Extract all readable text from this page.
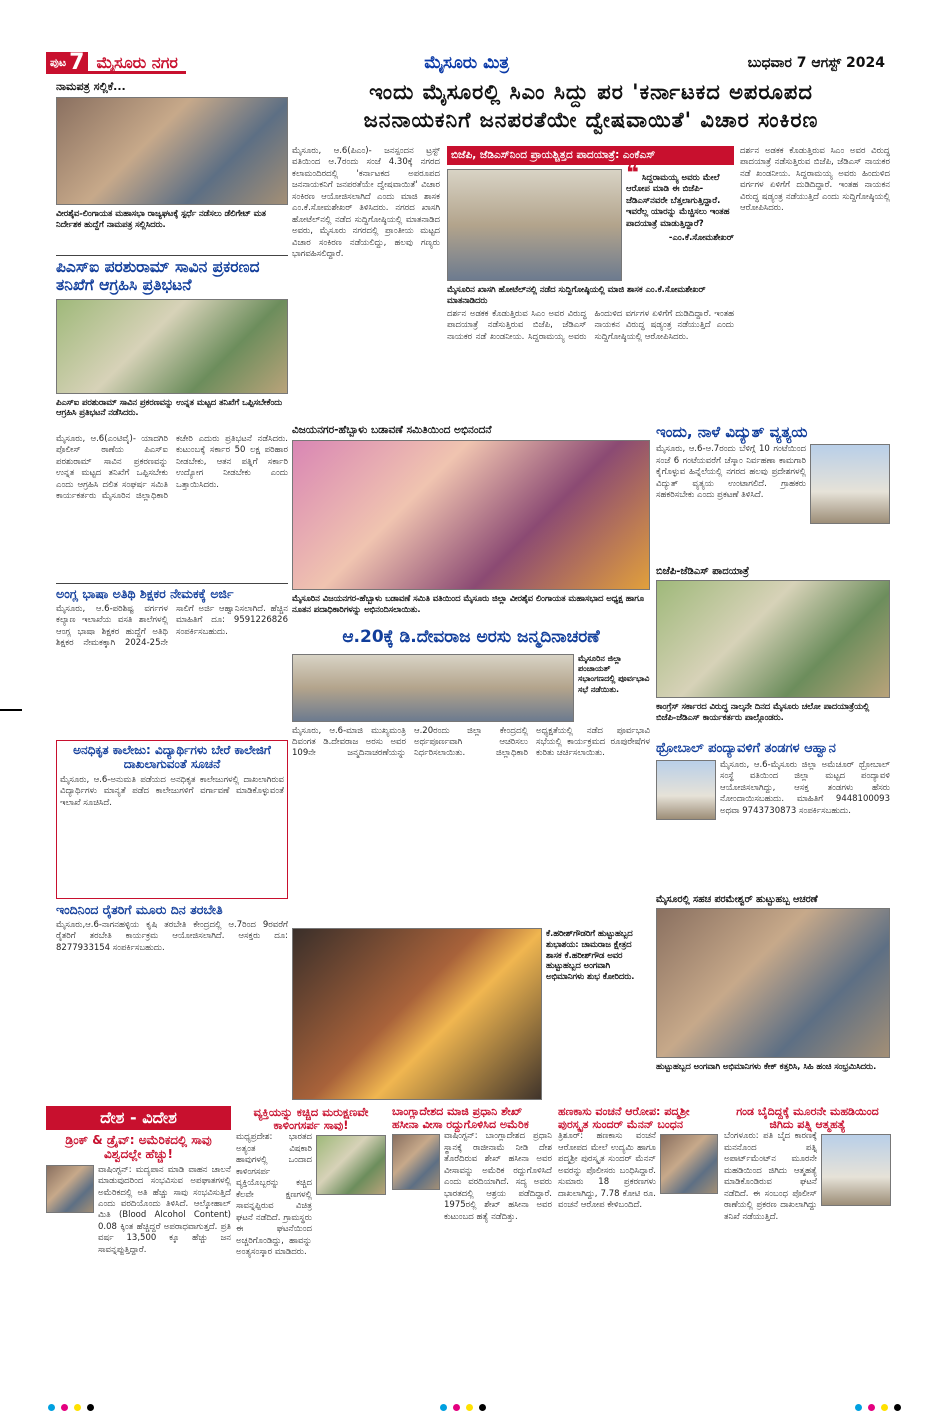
ಪುಟ 7 ಮೈಸೂರು ನಗರ	ಮೈಸೂರು ಮಿತ್ರ	ಬುಧವಾರ 7 ಆಗಸ್ಟ್ 2024
ನಾಮಪತ್ರ ಸಲ್ಲಿಕೆ...
ವೀರಶೈವ-ಲಿಂಗಾಯತ ಮಹಾಸಭಾ ರಾಜ್ಯಘಟಕ್ಕೆ ಸ್ಪರ್ಧೆ ನಡೆಸಲು ಡೆಲಿಗೇಟ್ ಮತ ನಿರ್ದೇಶಕ ಹುದ್ದೆಗೆ ನಾಮಪತ್ರ ಸಲ್ಲಿಸಿದರು.
ಪಿಎಸ್‌ಐ ಪರಶುರಾಮ್ ಸಾವಿನ ಪ್ರಕರಣದ ತನಿಖೆಗೆ ಆಗ್ರಹಿಸಿ ಪ್ರತಿಭಟನೆ
ಪಿಎಸ್‌ಐ ಪರಶುರಾಮ್ ಸಾವಿನ ಪ್ರಕರಣವನ್ನು ಉನ್ನತ ಮಟ್ಟದ ತನಿಖೆಗೆ ಒಪ್ಪಿಸಬೇಕೆಂದು ಆಗ್ರಹಿಸಿ ಪ್ರತಿಭಟನೆ ನಡೆಸಿದರು.
ಮೈಸೂರು, ಆ.6(ಎಂಟಿವೈ)- ಯಾದಗಿರಿ ಪೊಲೀಸ್ ಠಾಣೆಯ ಪಿಎಸ್‌ಐ ಪರಶುರಾಮ್ ಸಾವಿನ ಪ್ರಕರಣವನ್ನು ಉನ್ನತ ಮಟ್ಟದ ತನಿಖೆಗೆ ಒಪ್ಪಿಸಬೇಕು ಎಂದು ಆಗ್ರಹಿಸಿ ದಲಿತ ಸಂಘರ್ಷ ಸಮಿತಿ ಕಾರ್ಯಕರ್ತರು ಮೈಸೂರಿನ ಜಿಲ್ಲಾಧಿಕಾರಿ ಕಚೇರಿ ಎದುರು ಪ್ರತಿಭಟನೆ ನಡೆಸಿದರು. ಕುಟುಂಬಕ್ಕೆ ಸರ್ಕಾರ 50 ಲಕ್ಷ ಪರಿಹಾರ ನೀಡಬೇಕು, ಆತನ ಪತ್ನಿಗೆ ಸರ್ಕಾರಿ ಉದ್ಯೋಗ ನೀಡಬೇಕು ಎಂದು ಒತ್ತಾಯಿಸಿದರು.
ಅಂಗ್ಲ ಭಾಷಾ ಅತಿಥಿ ಶಿಕ್ಷಕರ ನೇಮಕಕ್ಕೆ ಅರ್ಜಿ
ಮೈಸೂರು, ಆ.6-ಪರಿಶಿಷ್ಟ ವರ್ಗಗಳ ಕಲ್ಯಾಣ ಇಲಾಖೆಯ ವಸತಿ ಶಾಲೆಗಳಲ್ಲಿ ಆಂಗ್ಲ ಭಾಷಾ ಶಿಕ್ಷಕರ ಹುದ್ದೆಗೆ ಅತಿಥಿ ಶಿಕ್ಷಕರ ನೇಮಕಕ್ಕಾಗಿ 2024-25ನೇ ಸಾಲಿಗೆ ಅರ್ಜಿ ಆಹ್ವಾನಿಸಲಾಗಿದೆ. ಹೆಚ್ಚಿನ ಮಾಹಿತಿಗೆ ದೂ: 9591226826 ಸಂಪರ್ಕಿಸಬಹುದು.
ಅನಧಿಕೃತ ಕಾಲೇಜು: ವಿದ್ಯಾರ್ಥಿಗಳು ಬೇರೆ ಕಾಲೇಜಿಗೆ ದಾಖಲಾಗುವಂತೆ ಸೂಚನೆ
ಮೈಸೂರು, ಆ.6-ಅನುಮತಿ ಪಡೆಯದ ಅನಧಿಕೃತ ಕಾಲೇಜುಗಳಲ್ಲಿ ದಾಖಲಾಗಿರುವ ವಿದ್ಯಾರ್ಥಿಗಳು ಮಾನ್ಯತೆ ಪಡೆದ ಕಾಲೇಜುಗಳಿಗೆ ವರ್ಗಾವಣೆ ಮಾಡಿಕೊಳ್ಳುವಂತೆ ಇಲಾಖೆ ಸೂಚಿಸಿದೆ.
ಇಂದಿನಿಂದ ರೈತರಿಗೆ ಮೂರು ದಿನ ತರಬೇತಿ
ಮೈಸೂರು,ಆ.6-ನಾಗನಹಳ್ಳಿಯ ಕೃಷಿ ತರಬೇತಿ ಕೇಂದ್ರದಲ್ಲಿ ಆ.7ರಿಂದ 9ರವರೆಗೆ ರೈತರಿಗೆ ತರಬೇತಿ ಕಾರ್ಯಕ್ರಮ ಆಯೋಜಿಸಲಾಗಿದೆ. ಆಸಕ್ತರು ದೂ: 8277933154 ಸಂಪರ್ಕಿಸಬಹುದು.
ಇಂದು ಮೈಸೂರಲ್ಲಿ ಸಿಎಂ ಸಿದ್ದು ಪರ 'ಕರ್ನಾಟಕದ ಅಪರೂಪದ
ಜನನಾಯಕನಿಗೆ ಜನಪರತೆಯೇ ದ್ವೇಷವಾಯಿತೆ' ವಿಚಾರ ಸಂಕಿರಣ
ಮೈಸೂರು, ಆ.6(ಪಿಎಂ)- ಜನಸ್ಪಂದನ ಟ್ರಸ್ಟ್ ವತಿಯಿಂದ ಆ.7ರಂದು ಸಂಜೆ 4.30ಕ್ಕೆ ನಗರದ ಕಲಾಮಂದಿರದಲ್ಲಿ 'ಕರ್ನಾಟಕದ ಅಪರೂಪದ ಜನನಾಯಕನಿಗೆ ಜನಪರತೆಯೇ ದ್ವೇಷವಾಯಿತೆ' ವಿಚಾರ ಸಂಕಿರಣ ಆಯೋಜಿಸಲಾಗಿದೆ ಎಂದು ಮಾಜಿ ಶಾಸಕ ಎಂ.ಕೆ.ಸೋಮಶೇಖರ್ ತಿಳಿಸಿದರು. ನಗರದ ಖಾಸಗಿ ಹೋಟೆಲ್‌ನಲ್ಲಿ ನಡೆದ ಸುದ್ದಿಗೋಷ್ಠಿಯಲ್ಲಿ ಮಾತನಾಡಿದ ಅವರು, ಮೈಸೂರು ನಗರದಲ್ಲಿ ಪ್ರಾಂತೀಯ ಮಟ್ಟದ ವಿಚಾರ ಸಂಕಿರಣ ನಡೆಯಲಿದ್ದು, ಹಲವು ಗಣ್ಯರು ಭಾಗವಹಿಸಲಿದ್ದಾರೆ.
ಬಿಜೆಪಿ, ಜೆಡಿಎಸ್‌ನಿಂದ ಪ್ರಾಯಶ್ಚಿತ್ತದ ಪಾದಯಾತ್ರೆ: ಎಂಕೆಎಸ್
❝ ಸಿದ್ದರಾಮಯ್ಯ ಅವರು ಮೇಲೆ ಆರೋಪ ಮಾಡಿ ಈ ಬಿಜೆಪಿ-ಜೆಡಿಎಸ್‌ನವರೇ ಬೆತ್ತಲಾಗುತ್ತಿದ್ದಾರೆ. ಇವರೆಲ್ಲ ಯಾರನ್ನು ಮೆಚ್ಚಿಸಲು ಇಂತಹ ಪಾದಯಾತ್ರೆ ಮಾಡುತ್ತಿದ್ದಾರೆ?
-ಎಂ.ಕೆ.ಸೋಮಶೇಖರ್
ಮೈಸೂರಿನ ಖಾಸಗಿ ಹೋಟೆಲ್‌ನಲ್ಲಿ ನಡೆದ ಸುದ್ದಿಗೋಷ್ಠಿಯಲ್ಲಿ ಮಾಜಿ ಶಾಸಕ ಎಂ.ಕೆ.ಸೋಮಶೇಖರ್ ಮಾತನಾಡಿದರು
ದರ್ಶನ ಅಡಕಕ ಕೊಡುತ್ತಿರುವ ಸಿಎಂ ಅವರ ವಿರುದ್ಧ ಪಾದಯಾತ್ರೆ ನಡೆಸುತ್ತಿರುವ ಬಿಜೆಪಿ, ಜೆಡಿಎಸ್ ನಾಯಕರ ನಡೆ ಖಂಡನೀಯ. ಸಿದ್ದರಾಮಯ್ಯ ಅವರು ಹಿಂದುಳಿದ ವರ್ಗಗಳ ಏಳಿಗೆಗೆ ದುಡಿದಿದ್ದಾರೆ. ಇಂತಹ ನಾಯಕನ ವಿರುದ್ಧ ಷಡ್ಯಂತ್ರ ನಡೆಯುತ್ತಿದೆ ಎಂದು ಸುದ್ದಿಗೋಷ್ಠಿಯಲ್ಲಿ ಆರೋಪಿಸಿದರು.
ದರ್ಶನ ಅಡಕಕ ಕೊಡುತ್ತಿರುವ ಸಿಎಂ ಅವರ ವಿರುದ್ಧ ಪಾದಯಾತ್ರೆ ನಡೆಸುತ್ತಿರುವ ಬಿಜೆಪಿ, ಜೆಡಿಎಸ್ ನಾಯಕರ ನಡೆ ಖಂಡನೀಯ. ಸಿದ್ದರಾಮಯ್ಯ ಅವರು ಹಿಂದುಳಿದ ವರ್ಗಗಳ ಏಳಿಗೆಗೆ ದುಡಿದಿದ್ದಾರೆ. ಇಂತಹ ನಾಯಕನ ವಿರುದ್ಧ ಷಡ್ಯಂತ್ರ ನಡೆಯುತ್ತಿದೆ ಎಂದು ಸುದ್ದಿಗೋಷ್ಠಿಯಲ್ಲಿ ಆರೋಪಿಸಿದರು.
ವಿಜಯನಗರ-ಹೆಬ್ಬಾಳು ಬಡಾವಣೆ ಸಮಿತಿಯಿಂದ ಅಭಿನಂದನೆ
ಮೈಸೂರಿನ ವಿಜಯನಗರ-ಹೆಬ್ಬಾಳು ಬಡಾವಣೆ ಸಮಿತಿ ವತಿಯಿಂದ ಮೈಸೂರು ಜಿಲ್ಲಾ ವೀರಶೈವ ಲಿಂಗಾಯತ ಮಹಾಸಭಾದ ಅಧ್ಯಕ್ಷ ಹಾಗೂ ನೂತನ ಪದಾಧಿಕಾರಿಗಳನ್ನು ಅಭಿನಂದಿಸಲಾಯಿತು.
ಆ.20ಕ್ಕೆ ಡಿ.ದೇವರಾಜ ಅರಸು ಜನ್ಮದಿನಾಚರಣೆ
ಮೈಸೂರಿನ ಜಿಲ್ಲಾ ಪಂಚಾಯತ್ ಸಭಾಂಗಣದಲ್ಲಿ ಪೂರ್ವಭಾವಿ ಸಭೆ ನಡೆಯಿತು.
ಮೈಸೂರು, ಆ.6-ಮಾಜಿ ಮುಖ್ಯಮಂತ್ರಿ ದಿವಂಗತ ಡಿ.ದೇವರಾಜ ಅರಸು ಅವರ 109ನೇ ಜನ್ಮದಿನಾಚರಣೆಯನ್ನು ಆ.20ರಂದು ಜಿಲ್ಲಾ ಕೇಂದ್ರದಲ್ಲಿ ಅರ್ಥಪೂರ್ಣವಾಗಿ ಆಚರಿಸಲು ನಿರ್ಧರಿಸಲಾಯಿತು. ಜಿಲ್ಲಾಧಿಕಾರಿ ಅಧ್ಯಕ್ಷತೆಯಲ್ಲಿ ನಡೆದ ಪೂರ್ವಭಾವಿ ಸಭೆಯಲ್ಲಿ ಕಾರ್ಯಕ್ರಮದ ರೂಪುರೇಷೆಗಳ ಕುರಿತು ಚರ್ಚಿಸಲಾಯಿತು.
ಕೆ.ಹರೀಶ್‌ಗೌಡರಿಗೆ ಹುಟ್ಟುಹಬ್ಬದ ಶುಭಾಶಯ: ಚಾಮರಾಜ ಕ್ಷೇತ್ರದ ಶಾಸಕ ಕೆ.ಹರೀಶ್‌ಗೌಡ ಅವರ ಹುಟ್ಟುಹಬ್ಬದ ಅಂಗವಾಗಿ ಅಭಿಮಾನಿಗಳು ಶುಭ ಕೋರಿದರು.
ಇಂದು, ನಾಳೆ ವಿದ್ಯುತ್ ವ್ಯತ್ಯಯ
ಮೈಸೂರು, ಆ.6-ಆ.7ರಂದು ಬೆಳಿಗ್ಗೆ 10 ಗಂಟೆಯಿಂದ ಸಂಜೆ 6 ಗಂಟೆಯವರೆಗೆ ಚೆಸ್ಕಾಂ ನಿರ್ವಹಣಾ ಕಾಮಗಾರಿ ಕೈಗೊಳ್ಳುವ ಹಿನ್ನೆಲೆಯಲ್ಲಿ ನಗರದ ಹಲವು ಪ್ರದೇಶಗಳಲ್ಲಿ ವಿದ್ಯುತ್ ವ್ಯತ್ಯಯ ಉಂಟಾಗಲಿದೆ. ಗ್ರಾಹಕರು ಸಹಕರಿಸಬೇಕು ಎಂದು ಪ್ರಕಟಣೆ ತಿಳಿಸಿದೆ.
ಬಿಜೆಪಿ-ಜೆಡಿಎಸ್ ಪಾದಯಾತ್ರೆ
ಕಾಂಗ್ರೆಸ್ ಸರ್ಕಾರದ ವಿರುದ್ಧ ನಾಲ್ಕನೇ ದಿನದ ಮೈಸೂರು ಚಲೋ ಪಾದಯಾತ್ರೆಯಲ್ಲಿ ಬಿಜೆಪಿ-ಜೆಡಿಎಸ್ ಕಾರ್ಯಕರ್ತರು ಪಾಲ್ಗೊಂಡರು.
ಥ್ರೋಬಾಲ್ ಪಂದ್ಯಾವಳಿಗೆ ತಂಡಗಳ ಆಹ್ವಾನ
ಮೈಸೂರು, ಆ.6-ಮೈಸೂರು ಜಿಲ್ಲಾ ಅಮೆಚೂರ್ ಥ್ರೋಬಾಲ್ ಸಂಸ್ಥೆ ವತಿಯಿಂದ ಜಿಲ್ಲಾ ಮಟ್ಟದ ಪಂದ್ಯಾವಳಿ ಆಯೋಜಿಸಲಾಗಿದ್ದು, ಆಸಕ್ತ ತಂಡಗಳು ಹೆಸರು ನೋಂದಾಯಿಸಬಹುದು. ಮಾಹಿತಿಗೆ 9448100093 ಅಥವಾ 9743730873 ಸಂಪರ್ಕಿಸಬಹುದು.
ಮೈಸೂರಲ್ಲಿ ಸಹಚ ಪರಮೇಶ್ವರ್ ಹುಟ್ಟುಹಬ್ಬ ಆಚರಣೆ
ಹುಟ್ಟುಹಬ್ಬದ ಅಂಗವಾಗಿ ಅಭಿಮಾನಿಗಳು ಕೇಕ್ ಕತ್ತರಿಸಿ, ಸಿಹಿ ಹಂಚಿ ಸಂಭ್ರಮಿಸಿದರು.
ದೇಶ - ವಿದೇಶ
ಡ್ರಿಂಕ್ & ಡ್ರೈವ್: ಅಮೆರಿಕದಲ್ಲಿ ಸಾವು ವಿಶ್ವದಲ್ಲೇ ಹೆಚ್ಚು!
ವಾಷಿಂಗ್ಟನ್: ಮದ್ಯಪಾನ ಮಾಡಿ ವಾಹನ ಚಾಲನೆ ಮಾಡುವುದರಿಂದ ಸಂಭವಿಸುವ ಅಪಘಾತಗಳಲ್ಲಿ ಅಮೆರಿಕದಲ್ಲಿ ಅತಿ ಹೆಚ್ಚು ಸಾವು ಸಂಭವಿಸುತ್ತಿದೆ ಎಂದು ವರದಿಯೊಂದು ತಿಳಿಸಿದೆ. ಆಲ್ಕೋಹಾಲ್ ಮಿತಿ (Blood Alcohol Content) 0.08 ಕ್ಕಿಂತ ಹೆಚ್ಚಿದ್ದರೆ ಅಪರಾಧವಾಗುತ್ತದೆ. ಪ್ರತಿ ವರ್ಷ 13,500 ಕ್ಕೂ ಹೆಚ್ಚು ಜನ ಸಾವನ್ನಪ್ಪುತ್ತಿದ್ದಾರೆ.
ವ್ಯಕ್ತಿಯನ್ನು ಕಚ್ಚಿದ ಮರುಕ್ಷಣವೇ ಕಾಳಿಂಗಸರ್ಪ ಸಾವು!
ಮಧ್ಯಪ್ರದೇಶ: ಭಾರತದ ಅತ್ಯಂತ ವಿಷಕಾರಿ ಹಾವುಗಳಲ್ಲಿ ಒಂದಾದ ಕಾಳಿಂಗಸರ್ಪ ವ್ಯಕ್ತಿಯೊಬ್ಬರನ್ನು ಕಚ್ಚಿದ ಕೆಲವೇ ಕ್ಷಣಗಳಲ್ಲಿ ಸಾವನ್ನಪ್ಪಿರುವ ವಿಚಿತ್ರ ಘಟನೆ ನಡೆದಿದೆ. ಗ್ರಾಮಸ್ಥರು ಈ ಘಟನೆಯಿಂದ ಅಚ್ಚರಿಗೊಂಡಿದ್ದು, ಹಾವನ್ನು ಅಂತ್ಯಸಂಸ್ಕಾರ ಮಾಡಿದರು.
ಬಾಂಗ್ಲಾದೇಶದ ಮಾಜಿ ಪ್ರಧಾನಿ ಶೇಖ್ ಹಸೀನಾ ವೀಸಾ ರದ್ದುಗೊಳಿಸಿದ ಅಮೆರಿಕ
ವಾಷಿಂಗ್ಟನ್: ಬಾಂಗ್ಲಾದೇಶದ ಪ್ರಧಾನಿ ಸ್ಥಾನಕ್ಕೆ ರಾಜೀನಾಮೆ ನೀಡಿ ದೇಶ ತೊರೆದಿರುವ ಶೇಖ್ ಹಸೀನಾ ಅವರ ವೀಸಾವನ್ನು ಅಮೆರಿಕ ರದ್ದುಗೊಳಿಸಿದೆ ಎಂದು ವರದಿಯಾಗಿದೆ. ಸದ್ಯ ಅವರು ಭಾರತದಲ್ಲಿ ಆಶ್ರಯ ಪಡೆದಿದ್ದಾರೆ. 1975ರಲ್ಲಿ ಶೇಖ್ ಹಸೀನಾ ಅವರ ಕುಟುಂಬದ ಹತ್ಯೆ ನಡೆದಿತ್ತು.
ಹಣಕಾಸು ವಂಚನೆ ಆರೋಪ: ಪದ್ಮಶ್ರೀ ಪುರಸ್ಕೃತ ಸುಂದರ್ ಮೆನನ್ ಬಂಧನ
ತ್ರಿಶೂರ್: ಹಣಕಾಸು ವಂಚನೆ ಆರೋಪದ ಮೇಲೆ ಉದ್ಯಮಿ ಹಾಗೂ ಪದ್ಮಶ್ರೀ ಪುರಸ್ಕೃತ ಸುಂದರ್ ಮೆನನ್ ಅವರನ್ನು ಪೊಲೀಸರು ಬಂಧಿಸಿದ್ದಾರೆ. ಸುಮಾರು 18 ಪ್ರಕರಣಗಳು ದಾಖಲಾಗಿದ್ದು, 7.78 ಕೋಟಿ ರೂ. ವಂಚನೆ ಆರೋಪ ಕೇಳಿಬಂದಿದೆ.
ಗಂಡ ಬೈದಿದ್ದಕ್ಕೆ ಮೂರನೇ ಮಹಡಿಯಿಂದ ಜಿಗಿದು ಪತ್ನಿ ಆತ್ಮಹತ್ಯೆ
ಬೆಂಗಳೂರು: ಪತಿ ಬೈದ ಕಾರಣಕ್ಕೆ ಮನನೊಂದ ಪತ್ನಿ ಅಪಾರ್ಟ್‌ಮೆಂಟ್‌ನ ಮೂರನೇ ಮಹಡಿಯಿಂದ ಜಿಗಿದು ಆತ್ಮಹತ್ಯೆ ಮಾಡಿಕೊಂಡಿರುವ ಘಟನೆ ನಡೆದಿದೆ. ಈ ಸಂಬಂಧ ಪೊಲೀಸ್ ಠಾಣೆಯಲ್ಲಿ ಪ್ರಕರಣ ದಾಖಲಾಗಿದ್ದು ತನಿಖೆ ನಡೆಯುತ್ತಿದೆ.
